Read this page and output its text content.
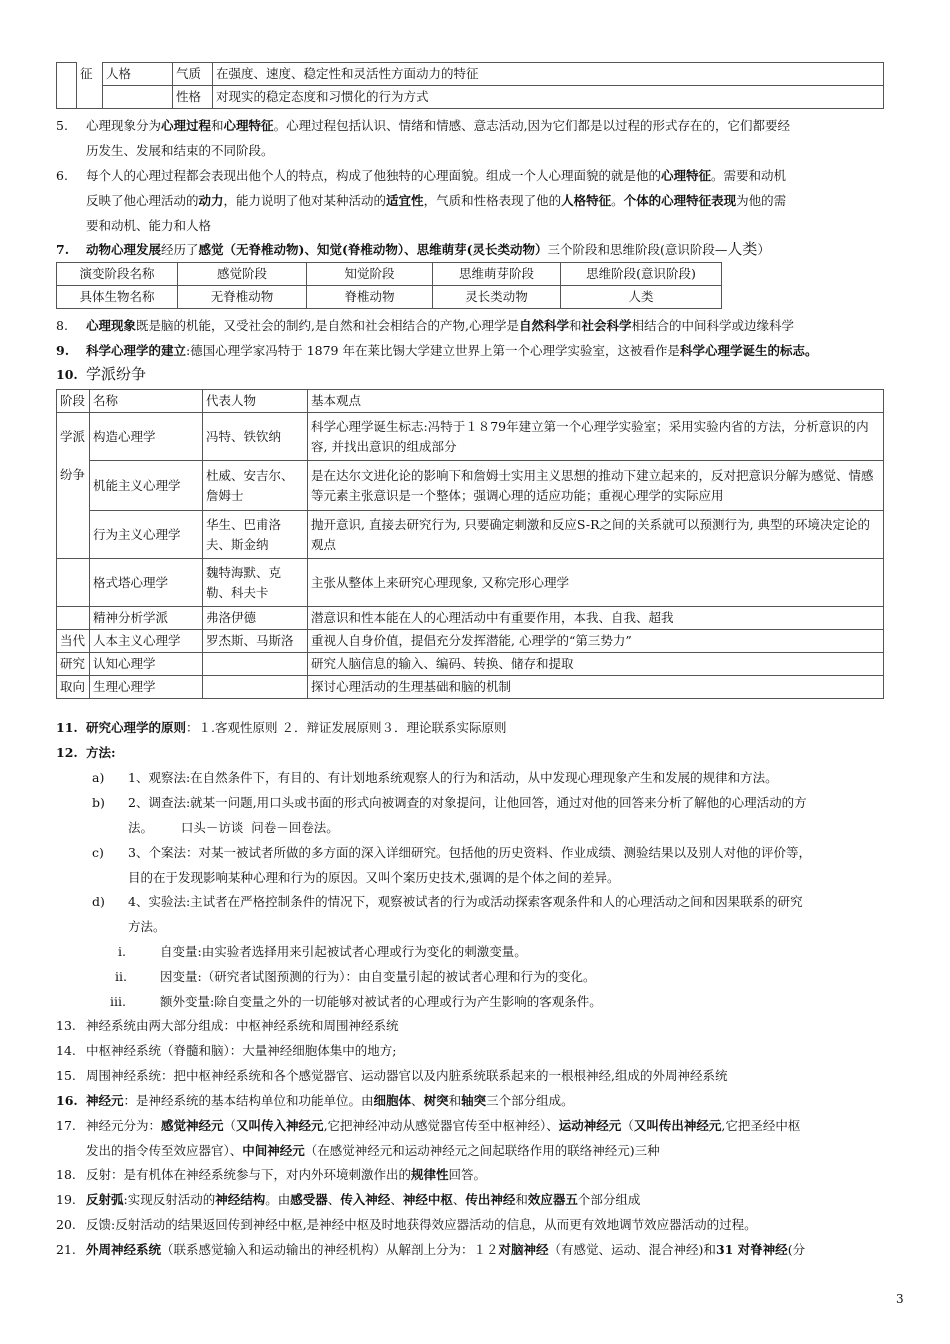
	征	人格	气质	在强度、速度、稳定性和灵活性方面动力的特征
			性格	对现实的稳定态度和习惯化的行为方式
5. 心理现象分为心理过程和心理特征。心理过程包括认识、情绪和情感、意志活动,因为它们都是以过程的形式存在的，它们都要经
历发生、发展和结束的不同阶段。
6. 每个人的心理过程都会表现出他个人的特点，构成了他独特的心理面貌。组成一个人心理面貌的就是他的心理特征。需要和动机
反映了他心理活动的动力，能力说明了他对某种活动的适宜性，气质和性格表现了他的人格特征。个体的心理特征表现为他的需
要和动机、能力和人格
7. 动物心理发展经历了感觉（无脊椎动物)、知觉(脊椎动物）、思维萌芽(灵长类动物）三个阶段和思维阶段(意识阶段—人类）
演变阶段名称	感觉阶段	知觉阶段	思维萌芽阶段	思维阶段(意识阶段)
具体生物名称	无脊椎动物	脊椎动物	灵长类动物	人类
8. 心理现象既是脑的机能，又受社会的制约,是自然和社会相结合的产物,心理学是自然科学和社会科学相结合的中间科学或边缘科学
9. 科学心理学的建立:德国心理学家冯特于 1879 年在莱比锡大学建立世界上第一个心理学实验室，这被看作是科学心理学诞生的标志。
10. 学派纷争
阶段	名称	代表人物	基本观点
学派	构造心理学	冯特、铁钦纳	科学心理学诞生标志:冯特于１８79年建立第一个心理学实验室；采用实验内省的方法，分析意识的内容, 并找出意识的组成部分
纷争	机能主义心理学	杜威、安吉尔、詹姆士	是在达尔文进化论的影响下和詹姆士实用主义思想的推动下建立起来的，反对把意识分解为感觉、情感等元素主张意识是一个整体；强调心理的适应功能；重视心理学的实际应用
	行为主义心理学	华生、巴甫洛夫、斯金纳	抛开意识, 直接去研究行为, 只要确定刺激和反应S-R之间的关系就可以预测行为, 典型的环境决定论的观点
	格式塔心理学	魏特海默、克勒、科夫卡	主张从整体上来研究心理现象, 又称完形心理学
	精神分析学派	弗洛伊德	潜意识和性本能在人的心理活动中有重要作用，本我、自我、超我
当代	人本主义心理学	罗杰斯、马斯洛	重视人自身价值，提倡充分发挥潜能, 心理学的“第三势力”
研究	认知心理学		研究人脑信息的输入、编码、转换、储存和提取
取向	生理心理学		探讨心理活动的生理基础和脑的机制
11. 研究心理学的原则：１.客观性原则 ２．辩证发展原则３．理论联系实际原则
12. 方法:
a) 1、观察法:在自然条件下，有目的、有计划地系统观察人的行为和活动，从中发现心理现象产生和发展的规律和方法。
b) 2、调查法:就某一问题,用口头或书面的形式向被调查的对象提问，让他回答，通过对他的回答来分析了解他的心理活动的方
法。       口头－访谈  问卷－回卷法。
c) 3、个案法：对某一被试者所做的多方面的深入详细研究。包括他的历史资料、作业成绩、测验结果以及别人对他的评价等，
目的在于发现影响某种心理和行为的原因。又叫个案历史技术,强调的是个体之间的差异。
d) 4、实验法:主试者在严格控制条件的情况下，观察被试者的行为或活动探索客观条件和人的心理活动之间和因果联系的研究
方法。
i.	自变量:由实验者选择用来引起被试者心理或行为变化的刺激变量。
ii.	因变量:（研究者试图预测的行为）：由自变量引起的被试者心理和行为的变化。
iii.	额外变量:除自变量之外的一切能够对被试者的心理或行为产生影响的客观条件。
13. 神经系统由两大部分组成：中枢神经系统和周围神经系统
14. 中枢神经系统（脊髓和脑）：大量神经细胞体集中的地方;
15. 周围神经系统：把中枢神经系统和各个感觉器官、运动器官以及内脏系统联系起来的一根根神经,组成的外周神经系统
16. 神经元：是神经系统的基本结构单位和功能单位。由细胞体、树突和轴突三个部分组成。
17. 神经元分为：感觉神经元（又叫传入神经元,它把神经冲动从感觉器官传至中枢神经）、运动神经元（又叫传出神经元,它把圣经中枢
发出的指令传至效应器官）、中间神经元（在感觉神经元和运动神经元之间起联络作用的联络神经元)三种
18. 反射：是有机体在神经系统参与下，对内外环境刺激作出的规律性回答。
19. 反射弧:实现反射活动的神经结构。由感受器、传入神经、神经中枢、传出神经和效应器五个部分组成
20. 反馈:反射活动的结果返回传到神经中枢,是神经中枢及时地获得效应器活动的信息，从而更有效地调节效应器活动的过程。
21. 外周神经系统（联系感觉输入和运动输出的神经机构）从解剖上分为：１２对脑神经（有感觉、运动、混合神经)和31 对脊神经(分
3
